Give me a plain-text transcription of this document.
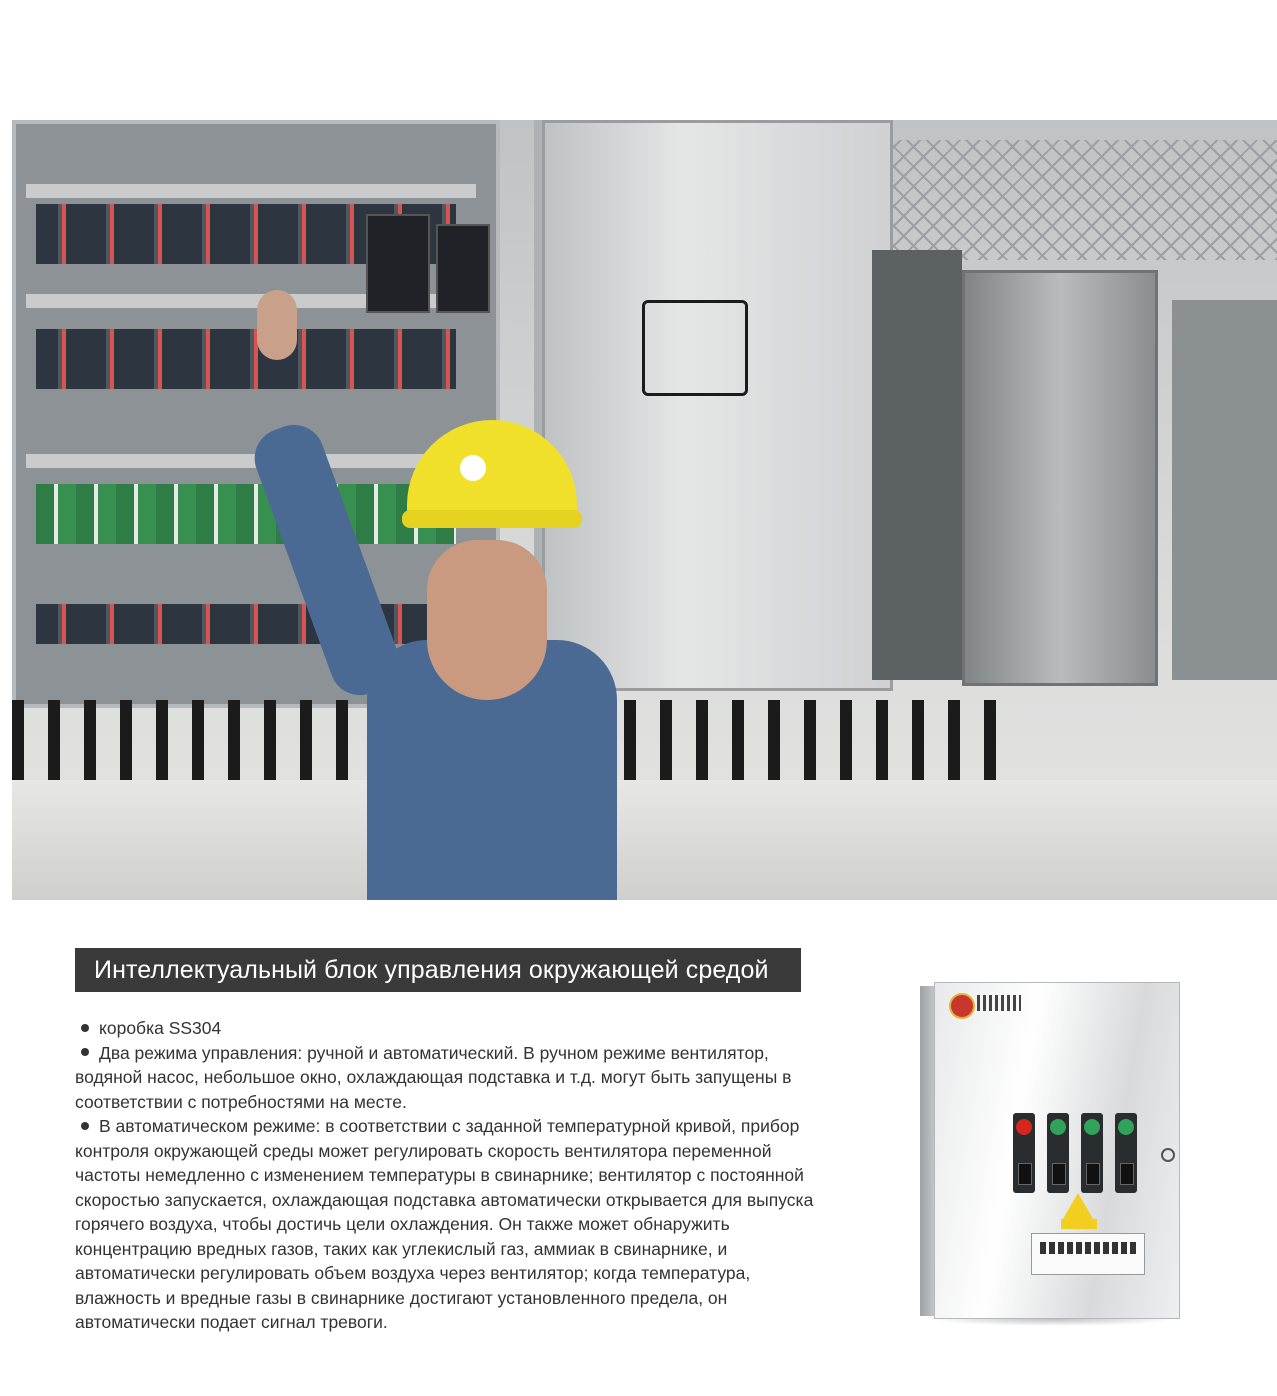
Интеллектуальный блок управления окружающей средой

коробка SS304

Два режима управления: ручной и автоматический. В ручном режиме вентилятор, водяной насос, небольшое окно, охлаждающая подставка и т.д. могут быть запущены в соответствии с потребностями на месте.

В автоматическом режиме: в соответствии с заданной температурной кривой, прибор контроля окружающей среды может регулировать скорость вентилятора переменной частоты немедленно с изменением температуры в свинарнике; вентилятор с постоянной скоростью запускается, охлаждающая подставка автоматически открывается для выпуска горячего воздуха, чтобы достичь цели охлаждения. Он также может обнаружить концентрацию вредных газов, таких как углекислый газ, аммиак в свинарнике, и автоматически регулировать объем воздуха через вентилятор; когда температура, влажность и вредные газы в свинарнике достигают установленного предела, он автоматически подает сигнал тревоги.
